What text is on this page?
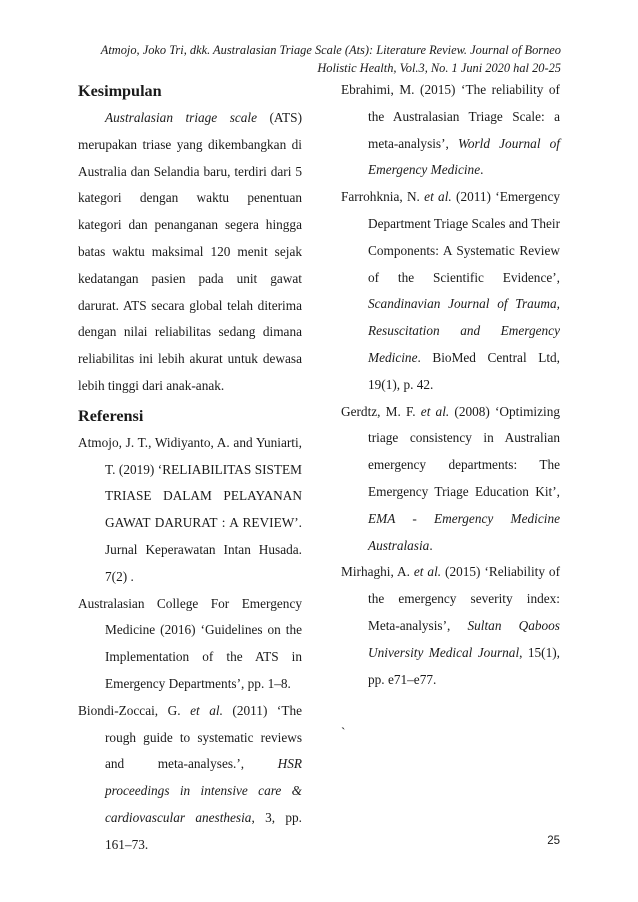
Atmojo, Joko Tri, dkk. Australasian Triage Scale (Ats): Literature Review. Journal of Borneo
Holistic Health, Vol.3, No. 1 Juni 2020 hal 20-25
Kesimpulan

Australasian triage scale (ATS) merupakan triase yang dikembangkan di Australia dan Selandia baru, terdiri dari 5 kategori dengan waktu penentuan kategori dan penanganan segera hingga batas waktu maksimal 120 menit sejak kedatangan pasien pada unit gawat darurat. ATS secara global telah diterima dengan nilai reliabilitas sedang dimana reliabilitas ini lebih akurat untuk dewasa lebih tinggi dari anak-anak.

Referensi

Atmojo, J. T., Widiyanto, A. and Yuniarti, T. (2019) ‘RELIABILITAS SISTEM TRIASE DALAM PELAYANAN GAWAT DARURAT : A REVIEW’. Jurnal Keperawatan Intan Husada. 7(2) .

Australasian College For Emergency Medicine (2016) ‘Guidelines on the Implementation of the ATS in Emergency Departments’, pp. 1–8.

Biondi-Zoccai, G. et al. (2011) ‘The rough guide to systematic reviews and meta-analyses.’, HSR proceedings in intensive care & cardiovascular anesthesia, 3, pp. 161–73.

Ebrahimi, M. (2015) ‘The reliability of the Australasian Triage Scale: a meta-analysis’, World Journal of Emergency Medicine.

Farrohknia, N. et al. (2011) ‘Emergency Department Triage Scales and Their Components: A Systematic Review of the Scientific Evidence’, Scandinavian Journal of Trauma, Resuscitation and Emergency Medicine. BioMed Central Ltd, 19(1), p. 42.

Gerdtz, M. F. et al. (2008) ‘Optimizing triage consistency in Australian emergency departments: The Emergency Triage Education Kit’, EMA - Emergency Medicine Australasia.

Mirhaghi, A. et al. (2015) ‘Reliability of the emergency severity index: Meta-analysis’, Sultan Qaboos University Medical Journal, 15(1), pp. e71–e77.

`

25
